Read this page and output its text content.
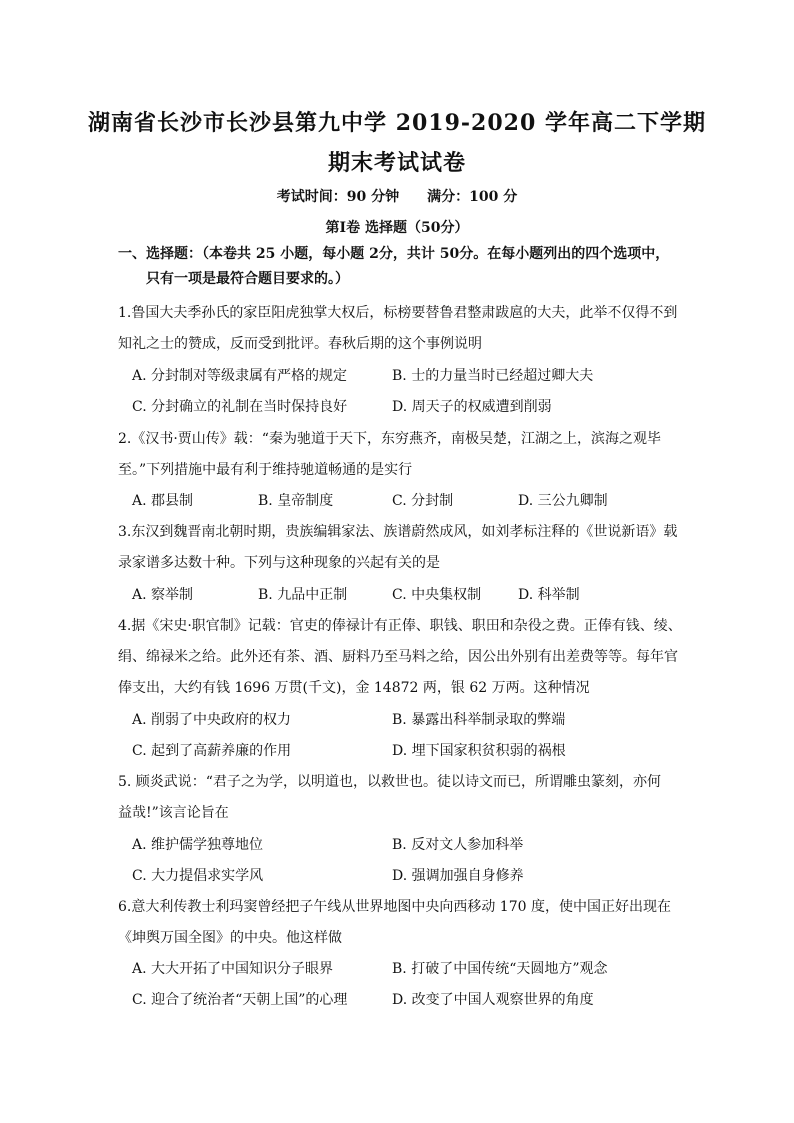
湖南省长沙市长沙县第九中学 2019-2020 学年高二下学期
期末考试试卷
考试时间：90 分钟 满分：100 分
第Ⅰ卷 选择题（50分）
一、选择题：（本卷共 25 小题，每小题 2分，共计 50分。在每小题列出的四个选项中，
只有一项是最符合题目要求的。）
1.鲁国大夫季孙氏的家臣阳虎独掌大权后，标榜要替鲁君整肃跋扈的大夫，此举不仅得不到
知礼之士的赞成，反而受到批评。春秋后期的这个事例说明
A. 分封制对等级隶属有严格的规定	B. 士的力量当时已经超过卿大夫
C. 分封确立的礼制在当时保持良好	D. 周天子的权威遭到削弱
2.《汉书·贾山传》载：“秦为驰道于天下，东穷燕齐，南极吴楚，江湖之上，滨海之观毕
至。”下列措施中最有利于维持驰道畅通的是实行
A. 郡县制	B. 皇帝制度	C. 分封制	D. 三公九卿制
3.东汉到魏晋南北朝时期，贵族编辑家法、族谱蔚然成风，如刘孝标注释的《世说新语》载
录家谱多达数十种。下列与这种现象的兴起有关的是
A. 察举制	B. 九品中正制	C. 中央集权制	D. 科举制
4.据《宋史·职官制》记载：官吏的俸禄计有正俸、职钱、职田和杂役之费。正俸有钱、绫、
绢、绵禄米之给。此外还有茶、酒、厨料乃至马料之给，因公出外别有出差费等等。每年官
俸支出，大约有钱 1696 万贯(千文)，金 14872 两，银 62 万两。这种情况
A. 削弱了中央政府的权力	B. 暴露出科举制录取的弊端
C. 起到了高薪养廉的作用	D. 埋下国家积贫积弱的祸根
5. 顾炎武说：“君子之为学，以明道也，以救世也。徒以诗文而已，所谓雕虫篆刻，亦何
益哉!”该言论旨在
A. 维护儒学独尊地位	B. 反对文人参加科举
C. 大力提倡求实学风	D. 强调加强自身修养
6.意大利传教士利玛窦曾经把子午线从世界地图中央向西移动 170 度，使中国正好出现在
《坤舆万国全图》的中央。他这样做
A. 大大开拓了中国知识分子眼界	B. 打破了中国传统“天圆地方”观念
C. 迎合了统治者“天朝上国”的心理	D. 改变了中国人观察世界的角度
